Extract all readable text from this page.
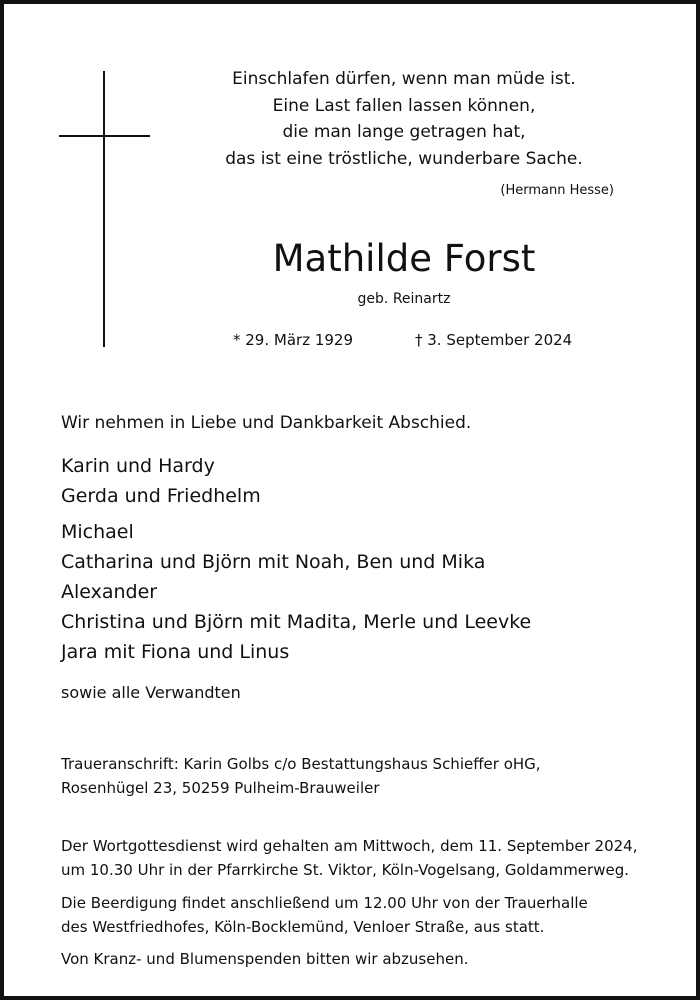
Einschlafen dürfen, wenn man müde ist.
Eine Last fallen lassen können,
die man lange getragen hat,
das ist eine tröstliche, wunderbare Sache.
(Hermann Hesse)
Mathilde Forst
geb. Reinartz
* 29. März 1929	† 3. September 2024
Wir nehmen in Liebe und Dankbarkeit Abschied.
Karin und Hardy
Gerda und Friedhelm
Michael
Catharina und Björn mit Noah, Ben und Mika
Alexander
Christina und Björn mit Madita, Merle und Leevke
Jara mit Fiona und Linus
sowie alle Verwandten
Traueranschrift: Karin Golbs c/o Bestattungshaus Schieffer oHG,
Rosenhügel 23, 50259 Pulheim-Brauweiler
Der Wortgottesdienst wird gehalten am Mittwoch, dem 11. September 2024,
um 10.30 Uhr in der Pfarrkirche St. Viktor, Köln-Vogelsang, Goldammerweg.
Die Beerdigung findet anschließend um 12.00 Uhr von der Trauerhalle
des Westfriedhofes, Köln-Bocklemünd, Venloer Straße, aus statt.
Von Kranz- und Blumenspenden bitten wir abzusehen.
